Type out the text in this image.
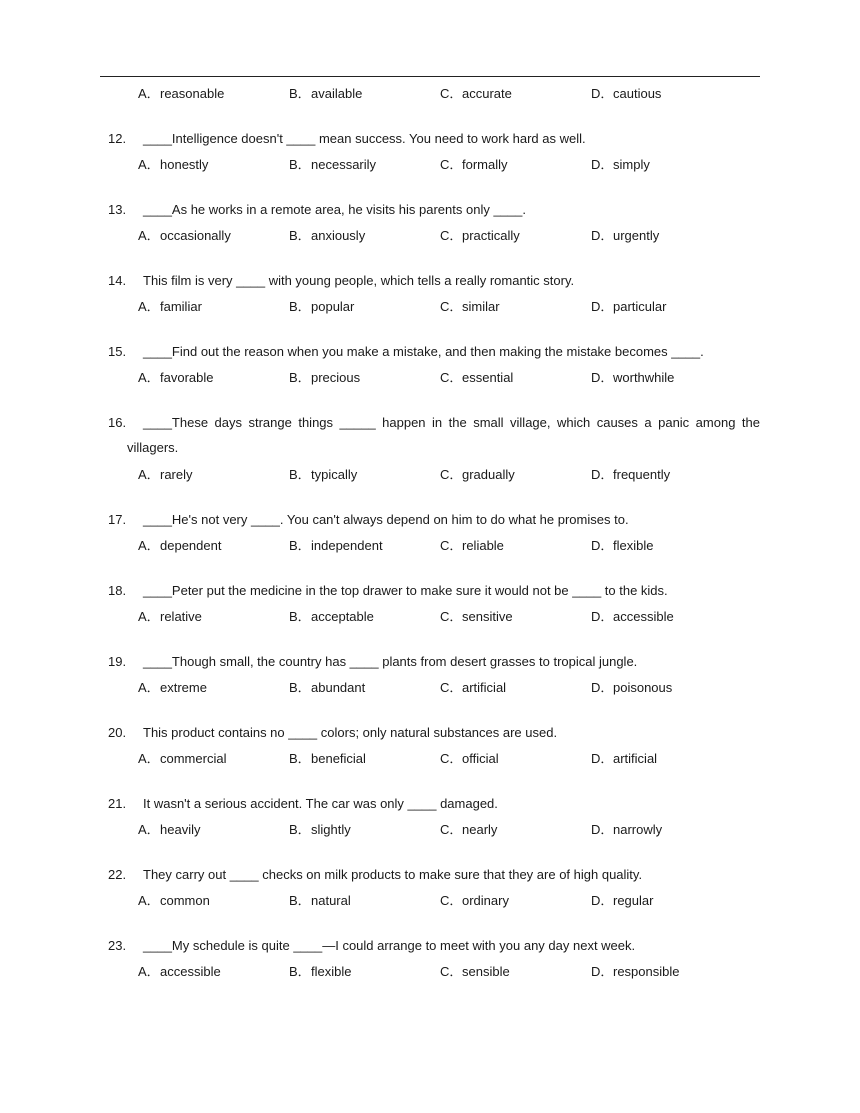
A．reasonable	B．available	C．accurate	D．cautious
12.	____Intelligence doesn't ____ mean success. You need to work hard as well.
A．honestly	B．necessarily	C．formally	D．simply
13.	____As he works in a remote area, he visits his parents only ____.
A．occasionally	B．anxiously	C．practically	D．urgently
14.	This film is very ____ with young people, which tells a really romantic story.
A．familiar	B．popular	C．similar	D．particular
15.	____Find out the reason when you make a mistake, and then making the mistake becomes ____.
A．favorable	B．precious	C．essential	D．worthwhile
16.	____These days strange things _____ happen in the small village, which causes a panic among the
villagers.
A．rarely	B．typically	C．gradually	D．frequently
17.	____He's not very ____. You can't always depend on him to do what he promises to.
A．dependent	B．independent	C．reliable	D．flexible
18.	____Peter put the medicine in the top drawer to make sure it would not be ____ to the kids.
A．relative	B．acceptable	C．sensitive	D．accessible
19.	____Though small, the country has ____ plants from desert grasses to tropical jungle.
A．extreme	B．abundant	C．artificial	D．poisonous
20.	This product contains no ____ colors; only natural substances are used.
A．commercial	B．beneficial	C．official	D．artificial
21.	It wasn't a serious accident. The car was only ____ damaged.
A．heavily	B．slightly	C．nearly	D．narrowly
22.	They carry out ____ checks on milk products to make sure that they are of high quality.
A．common	B．natural	C．ordinary	D．regular
23.	____My schedule is quite ____—I could arrange to meet with you any day next week.
A．accessible	B．flexible	C．sensible	D．responsible
